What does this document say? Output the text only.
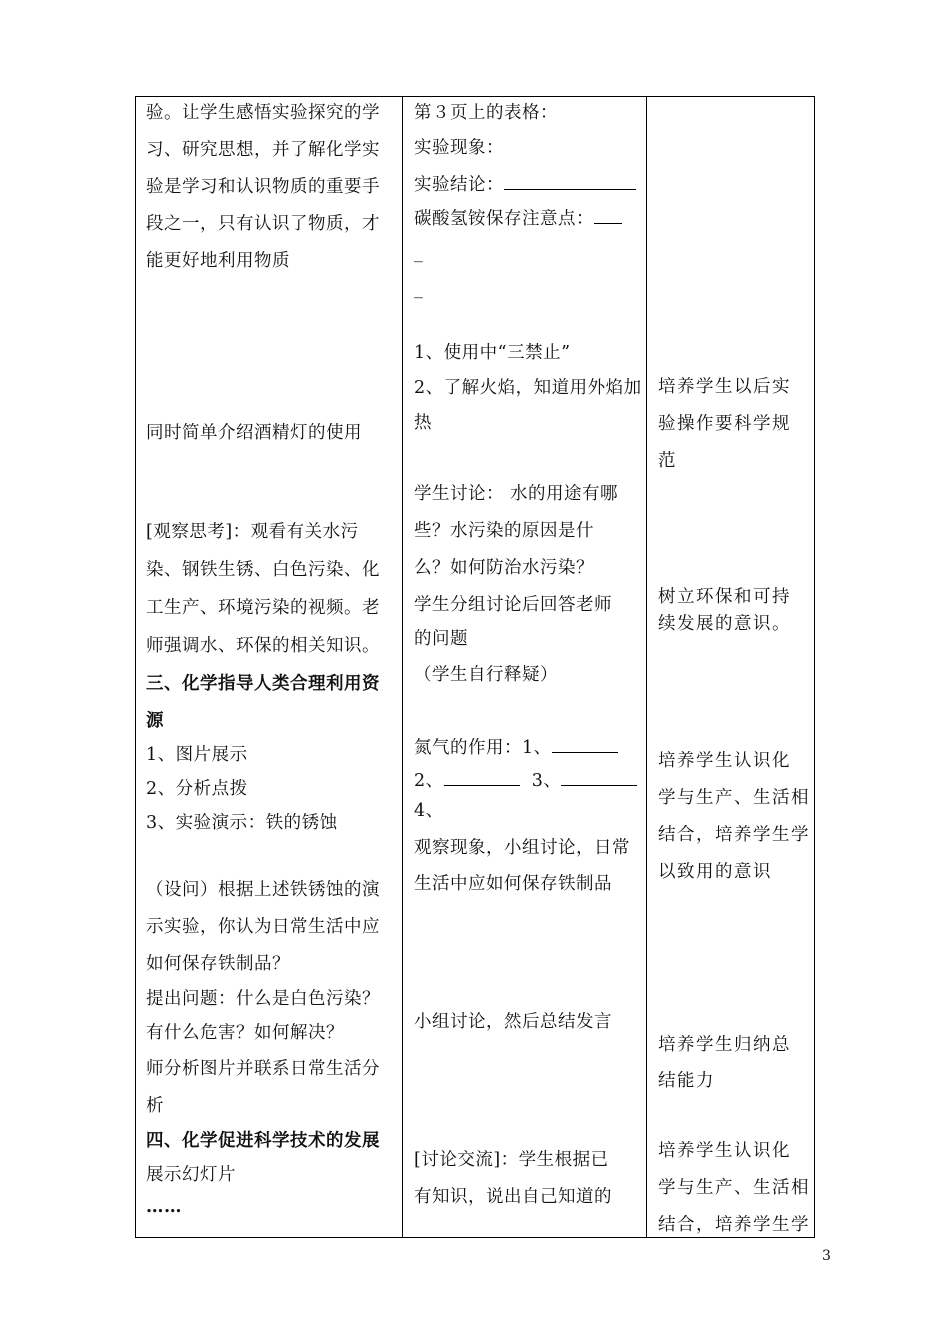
验。让学生感悟实验探究的学
习、研究思想，并了解化学实
验是学习和认识物质的重要手
段之一，只有认识了物质，才
能更好地利用物质
同时简单介绍酒精灯的使用
[观察思考]：观看有关水污
染、钢铁生锈、白色污染、化
工生产、环境污染的视频。老
师强调水、环保的相关知识。
三、化学指导人类合理利用资
源
1、图片展示
2、分析点拨
3、实验演示：铁的锈蚀
（设问）根据上述铁锈蚀的演
示实验，你认为日常生活中应
如何保存铁制品？
提出问题：什么是白色污染？
有什么危害？如何解决？
师分析图片并联系日常生活分
析
四、化学促进科学技术的发展
展示幻灯片
……
第３页上的表格：
实验现象：
实验结论：
碳酸氢铵保存注意点：
_
_
1、使用中“三禁止”
2、了解火焰，知道用外焰加
热
学生讨论： 水的用途有哪
些？水污染的原因是什
么？如何防治水污染？
学生分组讨论后回答老师
的问题
（学生自行释疑）
氮气的作用：1、
2、	3、
4、
观察现象，小组讨论，日常
生活中应如何保存铁制品
小组讨论，然后总结发言
[讨论交流]：学生根据已
有知识，说出自己知道的
培养学生以后实
验操作要科学规
范
树立环保和可持
续发展的意识。
培养学生认识化
学与生产、生活相
结合，培养学生学
以致用的意识
培养学生归纳总
结能力
培养学生认识化
学与生产、生活相
结合，培养学生学
3
